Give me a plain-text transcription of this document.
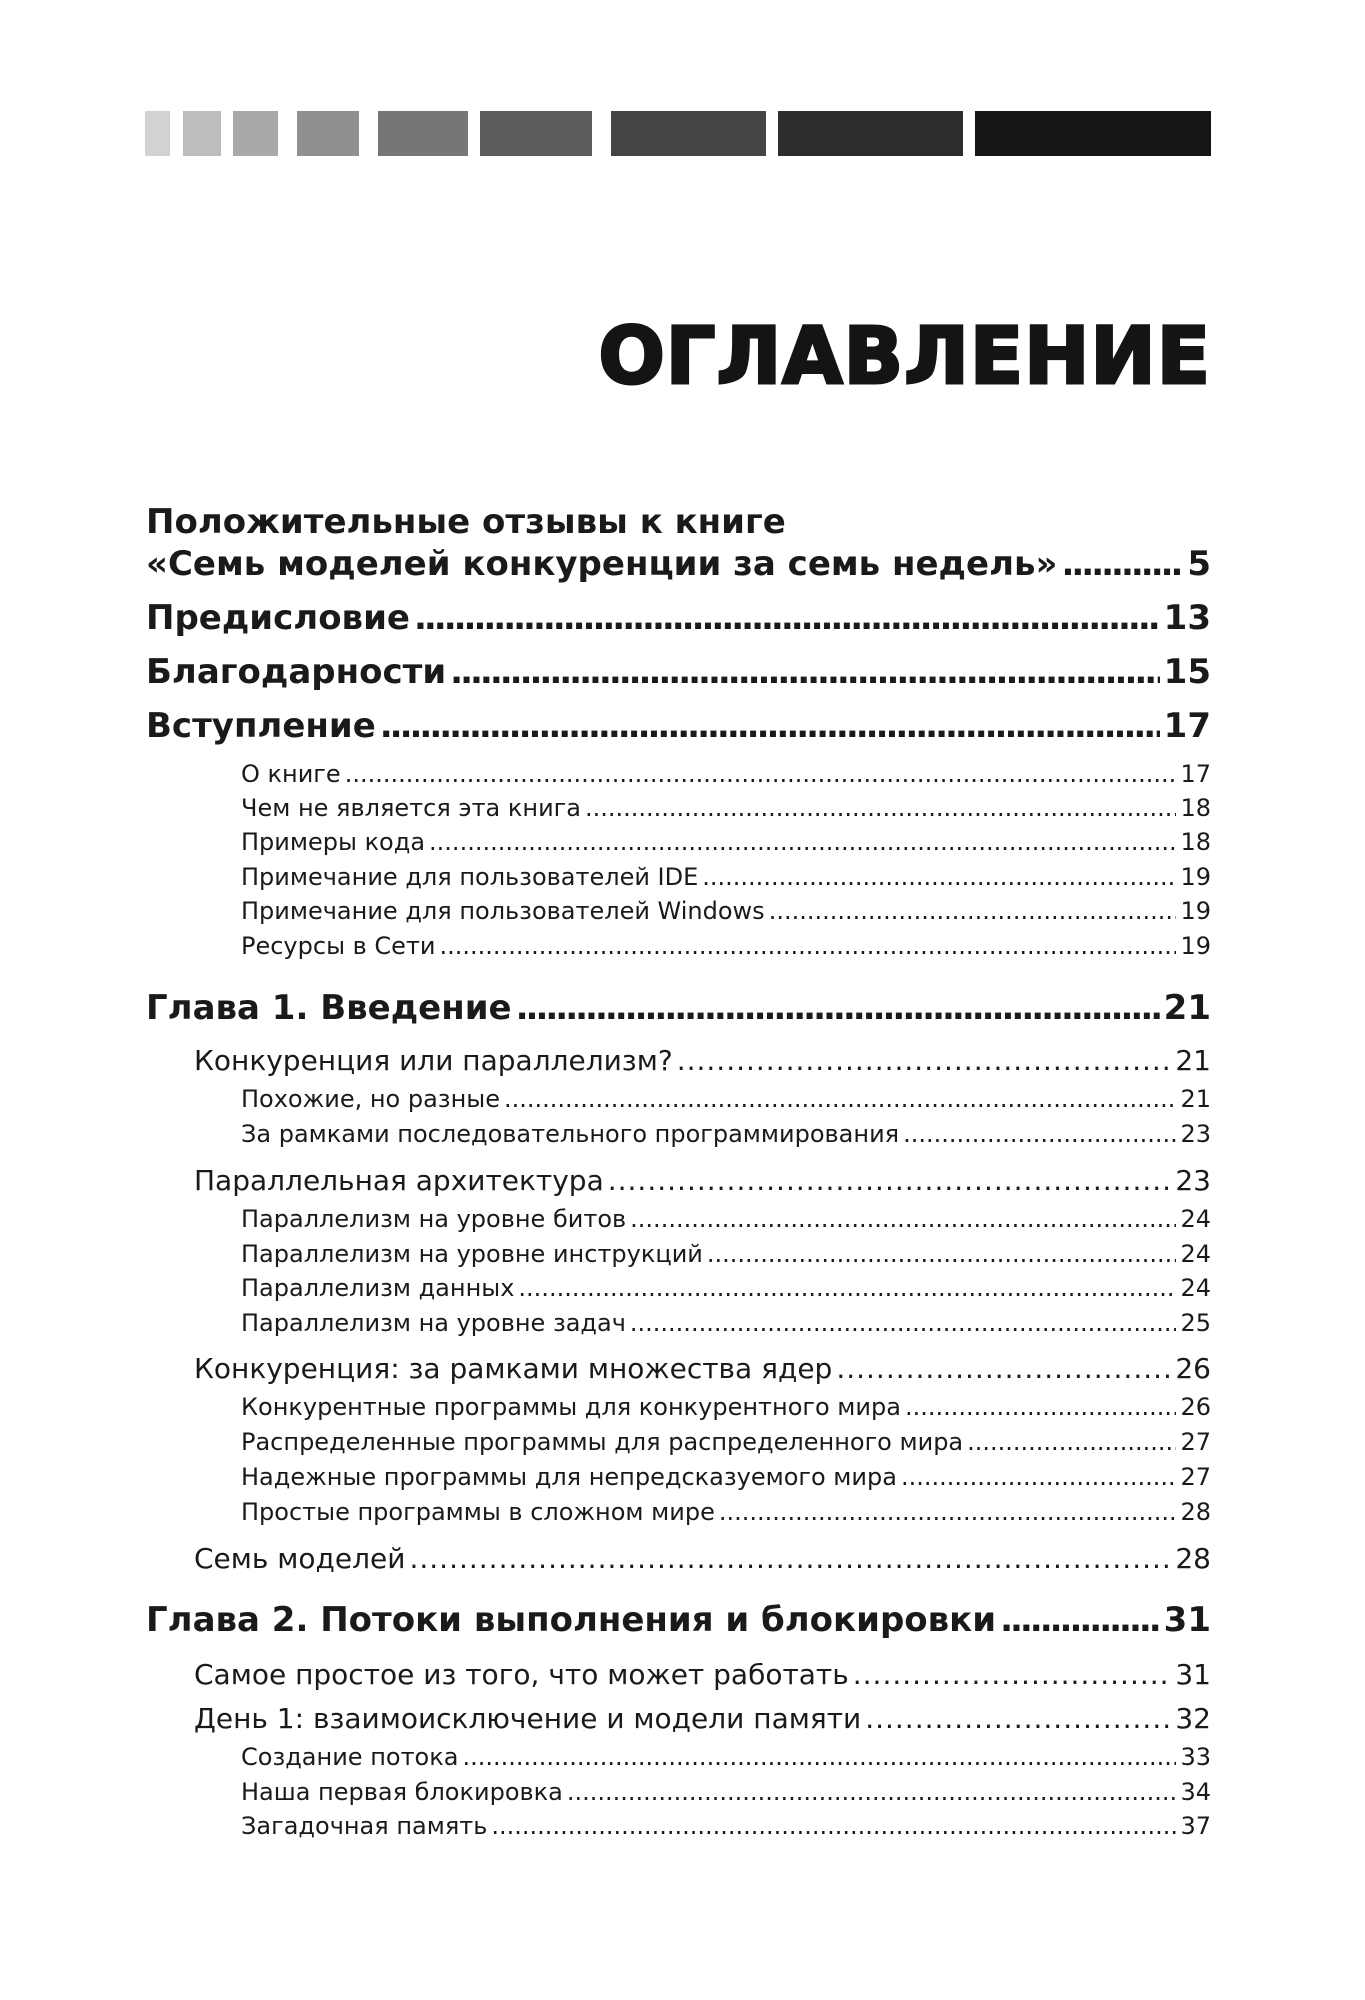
ОГЛАВЛЕНИЕ
Положительные отзывы к книге
«Семь моделей конкуренции за семь недель» .....	5
Предисловие .....	13
Благодарности .....	15
Вступление .....	17
О книге .....	17
Чем не является эта книга .....	18
Примеры кода .....	18
Примечание для пользователей IDE .....	19
Примечание для пользователей Windows .....	19
Ресурсы в Сети .....	19
Глава 1. Введение .....	21
Конкуренция или параллелизм? .....	21
Похожие, но разные .....	21
За рамками последовательного программирования .....	23
Параллельная архитектура .....	23
Параллелизм на уровне битов .....	24
Параллелизм на уровне инструкций .....	24
Параллелизм данных .....	24
Параллелизм на уровне задач .....	25
Конкуренция: за рамками множества ядер .....	26
Конкурентные программы для конкурентного мира .....	26
Распределенные программы для распределенного мира .....	27
Надежные программы для непредсказуемого мира .....	27
Простые программы в сложном мире .....	28
Семь моделей .....	28
Глава 2. Потоки выполнения и блокировки .....	31
Самое простое из того, что может работать .....	31
День 1: взаимоисключение и модели памяти .....	32
Создание потока .....	33
Наша первая блокировка .....	34
Загадочная память .....	37
